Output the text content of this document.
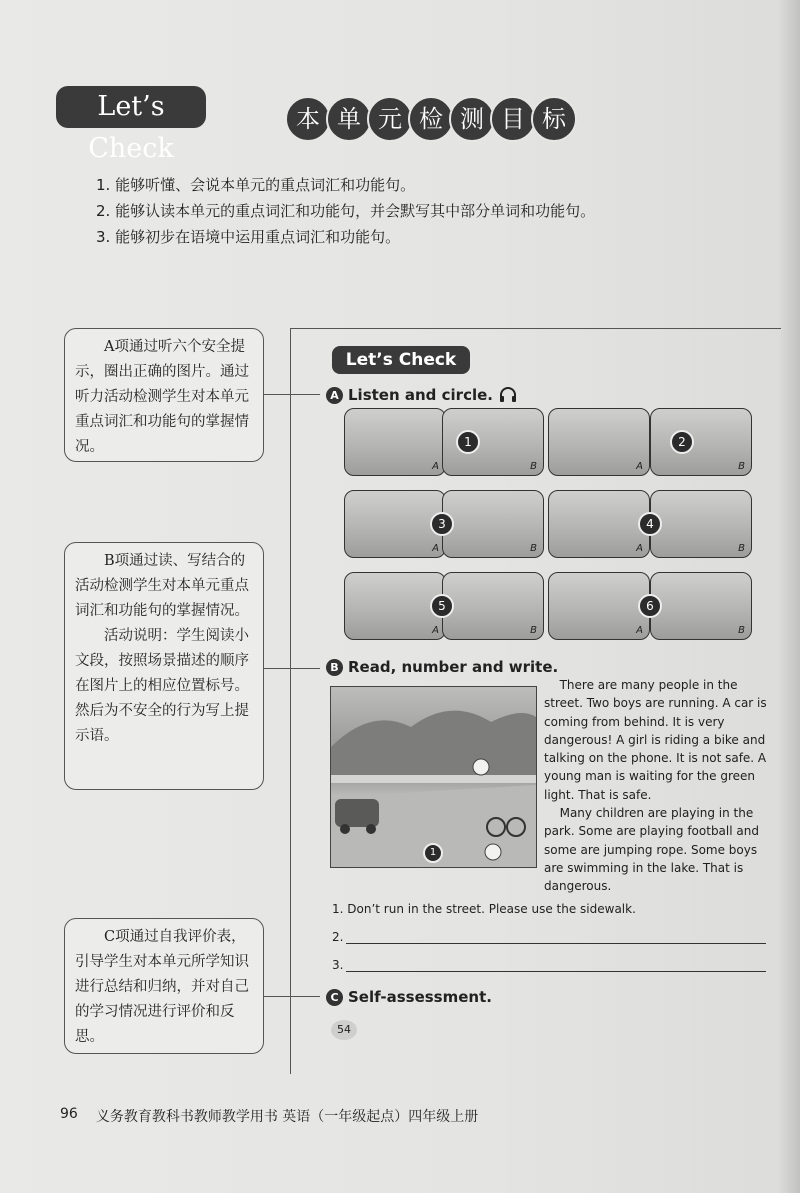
Let’s Check
本 单 元 检 测 目 标
1. 能够听懂、会说本单元的重点词汇和功能句。
2. 能够认读本单元的重点词汇和功能句，并会默写其中部分单词和功能句。
3. 能够初步在语境中运用重点词汇和功能句。

A项通过听六个安全提示，圈出正确的图片。通过听力活动检测学生对本单元重点词汇和功能句的掌握情况。

B项通过读、写结合的活动检测学生对本单元重点词汇和功能句的掌握情况。

活动说明：学生阅读小文段，按照场景描述的顺序在图片上的相应位置标号。然后为不安全的行为写上提示语。

C项通过自我评价表，引导学生对本单元所学知识进行总结和归纳，并对自己的学习情况进行评价和反思。

Let’s Check
A Listen and circle.
A	B
1
A	B
2
A	B
3
A	B
4
A	B
5
A	B
6
B Read, number and write.
1

There are many people in the street. Two boys are running. A car is coming from behind. It is very dangerous! A girl is riding a bike and talking on the phone. It is not safe. A young man is waiting for the green light. That is safe.

Many children are playing in the park. Some are playing football and some are jumping rope. Some boys are swimming in the lake. That is dangerous.

1. Don’t run in the street. Please use the sidewalk.
2.
3.
C Self-assessment.
54
96 义务教育教科书教师教学用书 英语（一年级起点）四年级上册
